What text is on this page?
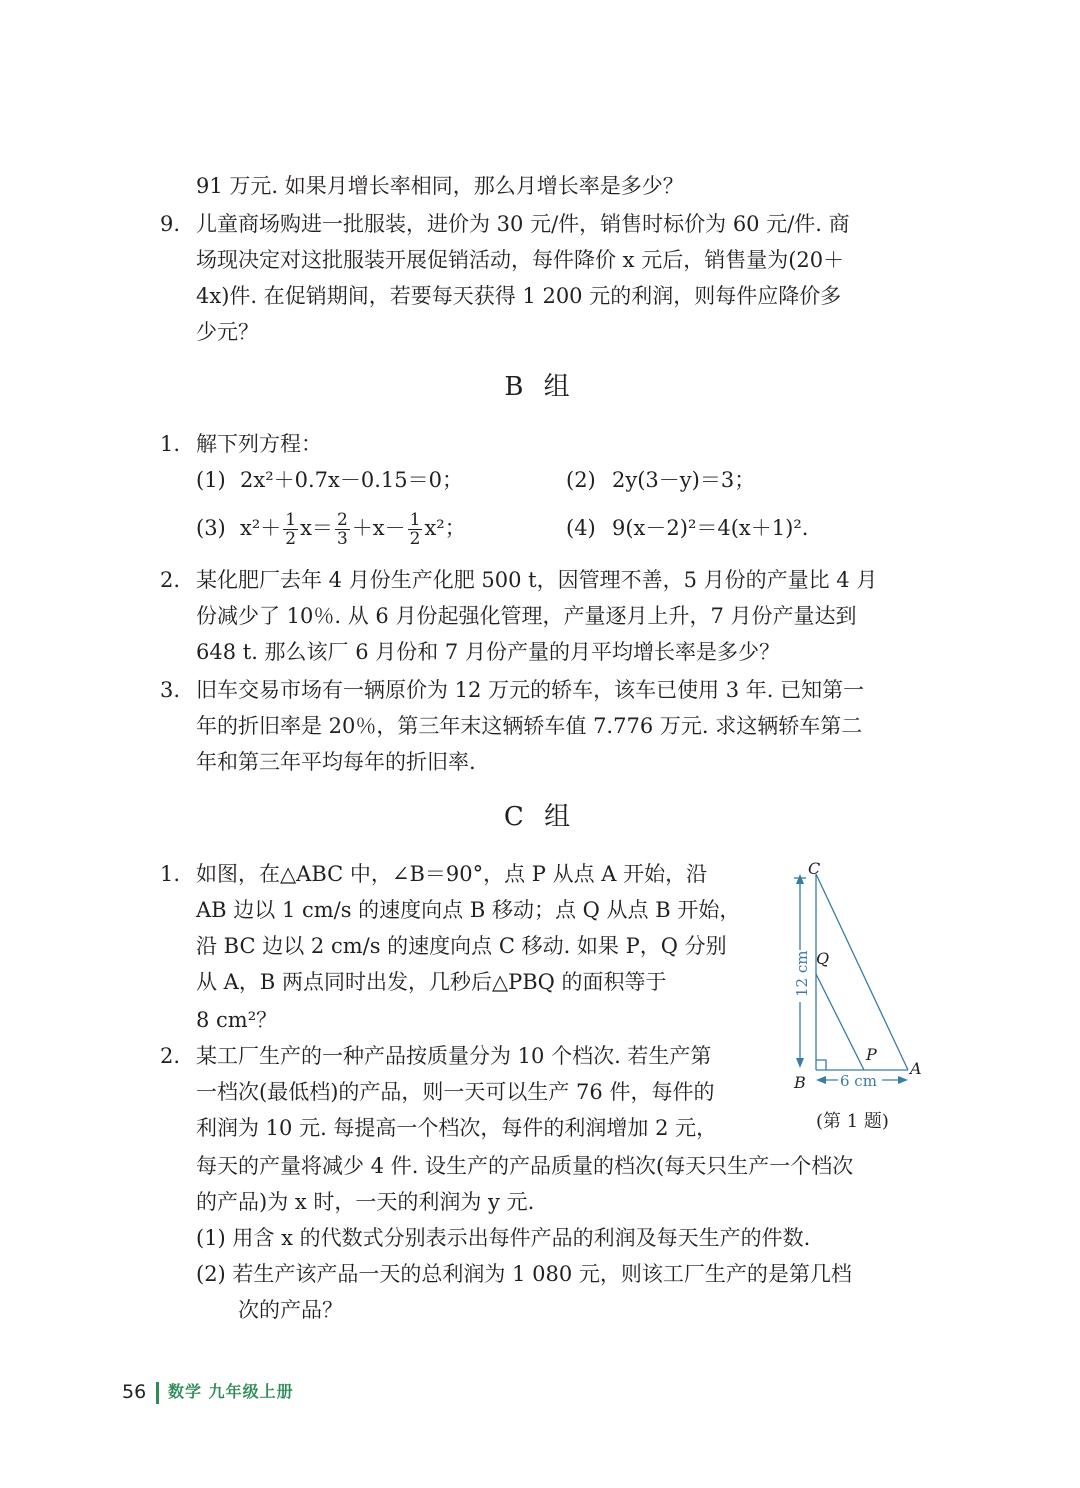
91 万元. 如果月增长率相同，那么月增长率是多少？
9. 儿童商场购进一批服装，进价为 30 元/件，销售时标价为 60 元/件. 商
场现决定对这批服装开展促销活动，每件降价 x 元后，销售量为(20＋
4x)件. 在促销期间，若要每天获得 1 200 元的利润，则每件应降价多
少元？
B 组
1. 解下列方程：
(1) 2x²＋0.7x－0.15＝0；	(2) 2y(3－y)＝3；
(3) $x^2+ \frac{1}{2} x= \frac{2}{3} +x- \frac{1}{2} x^2$；	(4) 9(x－2)²＝4(x＋1)².
2. 某化肥厂去年 4 月份生产化肥 500 t，因管理不善，5 月份的产量比 4 月
份减少了 10％. 从 6 月份起强化管理，产量逐月上升，7 月份产量达到
648 t. 那么该厂 6 月份和 7 月份产量的月平均增长率是多少？
3. 旧车交易市场有一辆原价为 12 万元的轿车，该车已使用 3 年. 已知第一
年的折旧率是 20％，第三年末这辆轿车值 7.776 万元. 求这辆轿车第二
年和第三年平均每年的折旧率.
C 组
1. 如图，在△ABC 中，∠B＝90°，点 P 从点 A 开始，沿
AB 边以 1 cm/s 的速度向点 B 移动；点 Q 从点 B 开始，
沿 BC 边以 2 cm/s 的速度向点 C 移动. 如果 P，Q 分别
从 A，B 两点同时出发，几秒后△PBQ 的面积等于
8 cm²？
C
Q
P
B
A
12 cm
6 cm
(第 1 题)
2. 某工厂生产的一种产品按质量分为 10 个档次. 若生产第
一档次(最低档)的产品，则一天可以生产 76 件，每件的
利润为 10 元. 每提高一个档次，每件的利润增加 2 元，
每天的产量将减少 4 件. 设生产的产品质量的档次(每天只生产一个档次
的产品)为 x 时，一天的利润为 y 元.
(1) 用含 x 的代数式分别表示出每件产品的利润及每天生产的件数.
(2) 若生产该产品一天的总利润为 1 080 元，则该工厂生产的是第几档
次的产品？
56 数学 九年级上册
